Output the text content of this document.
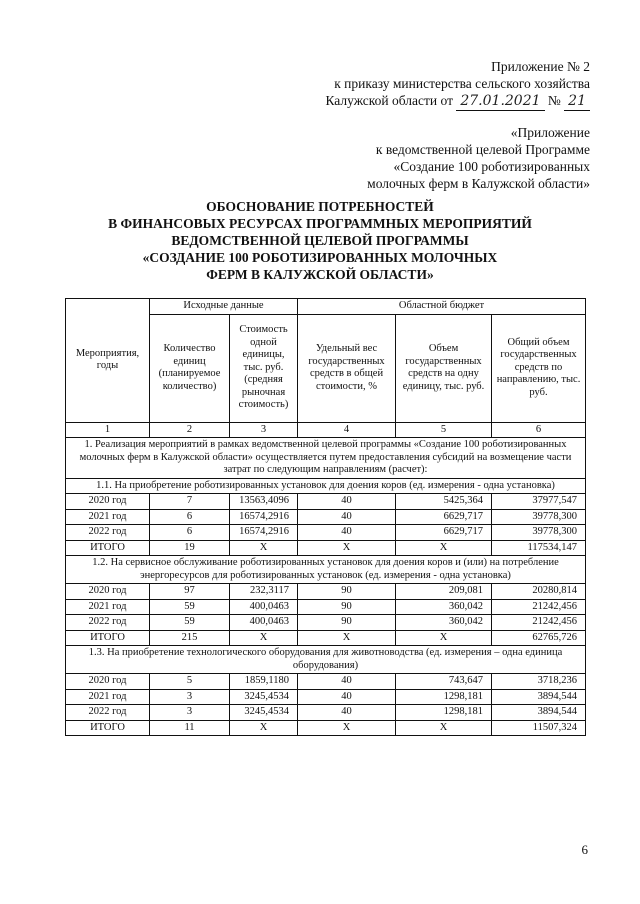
Приложение № 2
к приказу министерства сельского хозяйства
Калужской области от 27.01.2021 № 21
«Приложение
к ведомственной целевой Программе
«Создание 100 роботизированных
молочных ферм в Калужской области»
ОБОСНОВАНИЕ ПОТРЕБНОСТЕЙ
В ФИНАНСОВЫХ РЕСУРСАХ ПРОГРАММНЫХ МЕРОПРИЯТИЙ
ВЕДОМСТВЕННОЙ ЦЕЛЕВОЙ ПРОГРАММЫ
«СОЗДАНИЕ 100 РОБОТИЗИРОВАННЫХ МОЛОЧНЫХ
ФЕРМ В КАЛУЖСКОЙ ОБЛАСТИ»
Мероприятия, годы	Исходные данные		Областной бюджет		
	Количество единиц (планируемое количество)	Стоимость одной единицы, тыс. руб. (средняя рыночная стоимость)	Удельный вес государственных средств в общей стоимости, %	Объем государственных средств на одну единицу, тыс. руб.	Общий объем государственных средств по направлению, тыс. руб.
1	2	3	4	5	6
1. Реализация мероприятий в рамках ведомственной целевой программы «Создание 100 роботизированных молочных ферм в Калужской области» осуществляется путем предоставления субсидий на возмещение части затрат по следующим направлениям (расчет):					
1.1. На приобретение роботизированных установок для доения коров (ед. измерения - одна установка)					
2020 год	7	13563,4096	40	5425,364	37977,547
2021 год	6	16574,2916	40	6629,717	39778,300
2022 год	6	16574,2916	40	6629,717	39778,300
ИТОГО	19	Х	Х	Х	117534,147
1.2. На сервисное обслуживание роботизированных установок для доения коров и (или) на потребление энергоресурсов для роботизированных установок (ед. измерения - одна установка)					
2020 год	97	232,3117	90	209,081	20280,814
2021 год	59	400,0463	90	360,042	21242,456
2022 год	59	400,0463	90	360,042	21242,456
ИТОГО	215	Х	Х	Х	62765,726
1.3. На приобретение технологического оборудования для животноводства (ед. измерения – одна единица оборудования)					
2020 год	5	1859,1180	40	743,647	3718,236
2021 год	3	3245,4534	40	1298,181	3894,544
2022 год	3	3245,4534	40	1298,181	3894,544
ИТОГО	11	Х	Х	Х	11507,324
6
